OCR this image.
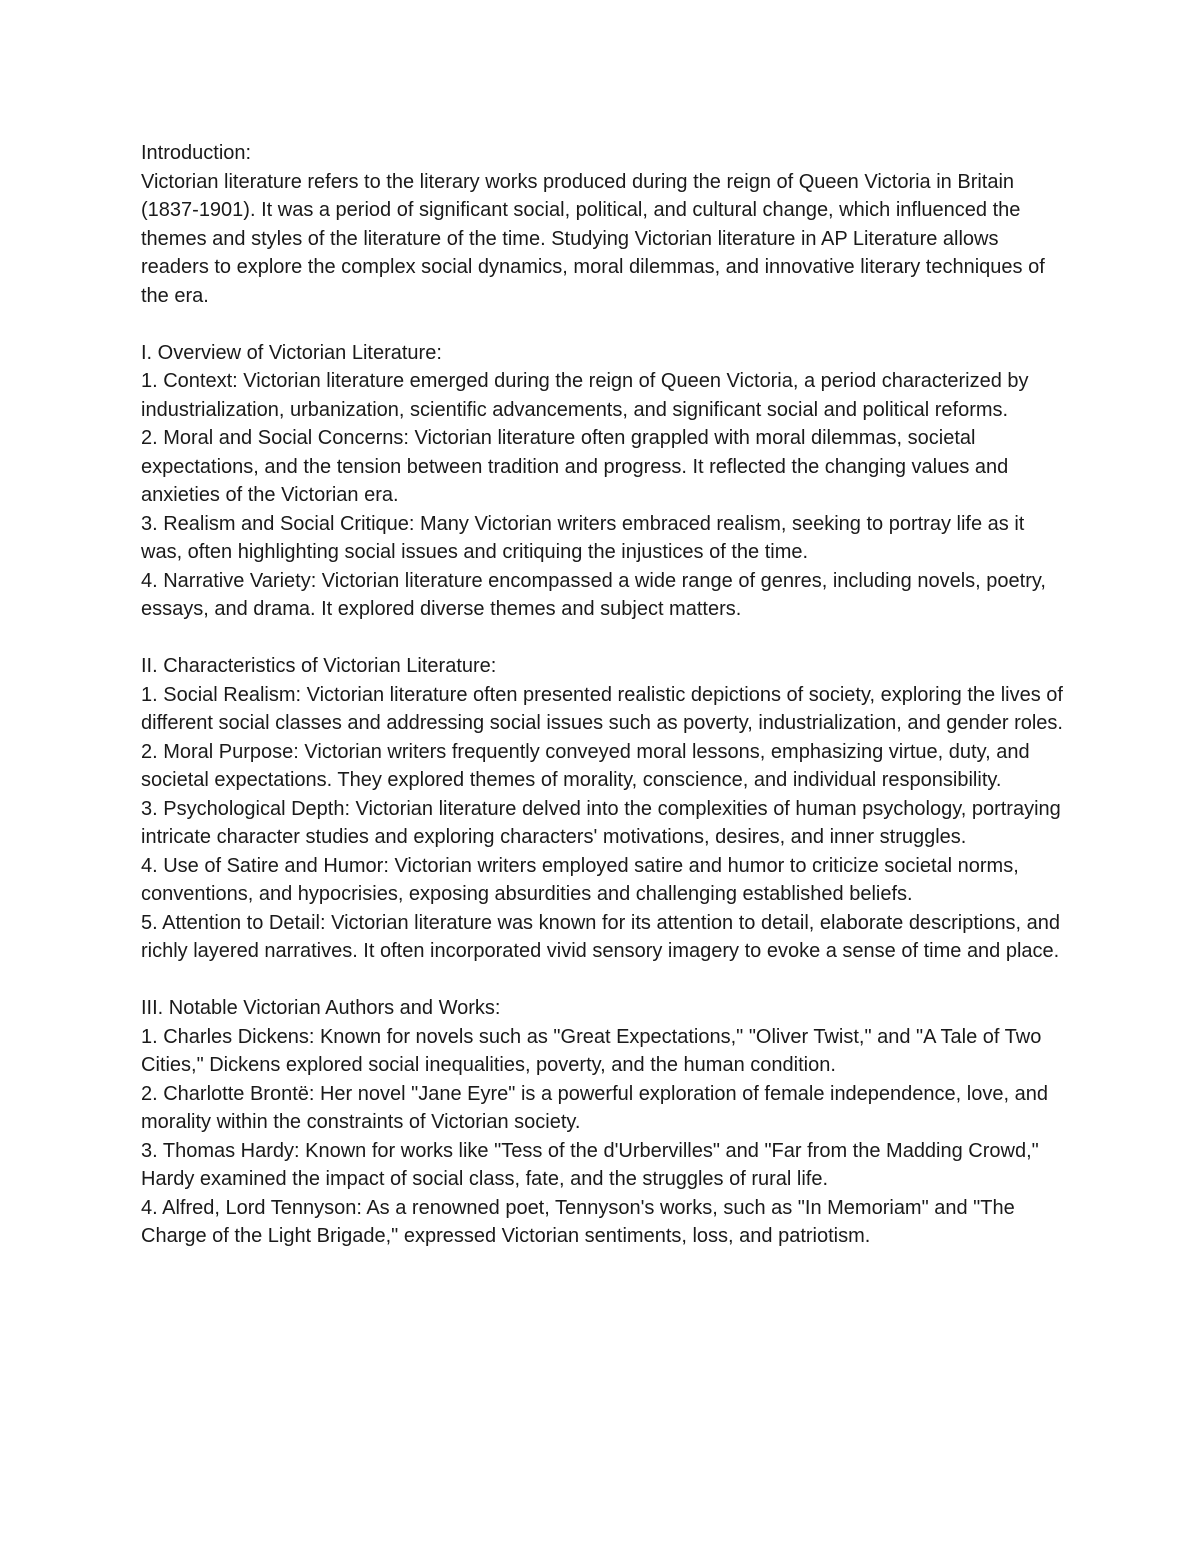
Introduction:

Victorian literature refers to the literary works produced during the reign of Queen Victoria in Britain (1837-1901). It was a period of significant social, political, and cultural change, which influenced the themes and styles of the literature of the time. Studying Victorian literature in AP Literature allows readers to explore the complex social dynamics, moral dilemmas, and innovative literary techniques of the era.

I. Overview of Victorian Literature:

1. Context: Victorian literature emerged during the reign of Queen Victoria, a period characterized by industrialization, urbanization, scientific advancements, and significant social and political reforms.

2. Moral and Social Concerns: Victorian literature often grappled with moral dilemmas, societal expectations, and the tension between tradition and progress. It reflected the changing values and anxieties of the Victorian era.

3. Realism and Social Critique: Many Victorian writers embraced realism, seeking to portray life as it was, often highlighting social issues and critiquing the injustices of the time.

4. Narrative Variety: Victorian literature encompassed a wide range of genres, including novels, poetry, essays, and drama. It explored diverse themes and subject matters.

II. Characteristics of Victorian Literature:

1. Social Realism: Victorian literature often presented realistic depictions of society, exploring the lives of different social classes and addressing social issues such as poverty, industrialization, and gender roles.

2. Moral Purpose: Victorian writers frequently conveyed moral lessons, emphasizing virtue, duty, and societal expectations. They explored themes of morality, conscience, and individual responsibility.

3. Psychological Depth: Victorian literature delved into the complexities of human psychology, portraying intricate character studies and exploring characters' motivations, desires, and inner struggles.

4. Use of Satire and Humor: Victorian writers employed satire and humor to criticize societal norms, conventions, and hypocrisies, exposing absurdities and challenging established beliefs.

5. Attention to Detail: Victorian literature was known for its attention to detail, elaborate descriptions, and richly layered narratives. It often incorporated vivid sensory imagery to evoke a sense of time and place.

III. Notable Victorian Authors and Works:

1. Charles Dickens: Known for novels such as "Great Expectations," "Oliver Twist," and "A Tale of Two Cities," Dickens explored social inequalities, poverty, and the human condition.

2. Charlotte Brontë: Her novel "Jane Eyre" is a powerful exploration of female independence, love, and morality within the constraints of Victorian society.

3. Thomas Hardy: Known for works like "Tess of the d'Urbervilles" and "Far from the Madding Crowd," Hardy examined the impact of social class, fate, and the struggles of rural life.

4. Alfred, Lord Tennyson: As a renowned poet, Tennyson's works, such as "In Memoriam" and "The Charge of the Light Brigade," expressed Victorian sentiments, loss, and patriotism.
